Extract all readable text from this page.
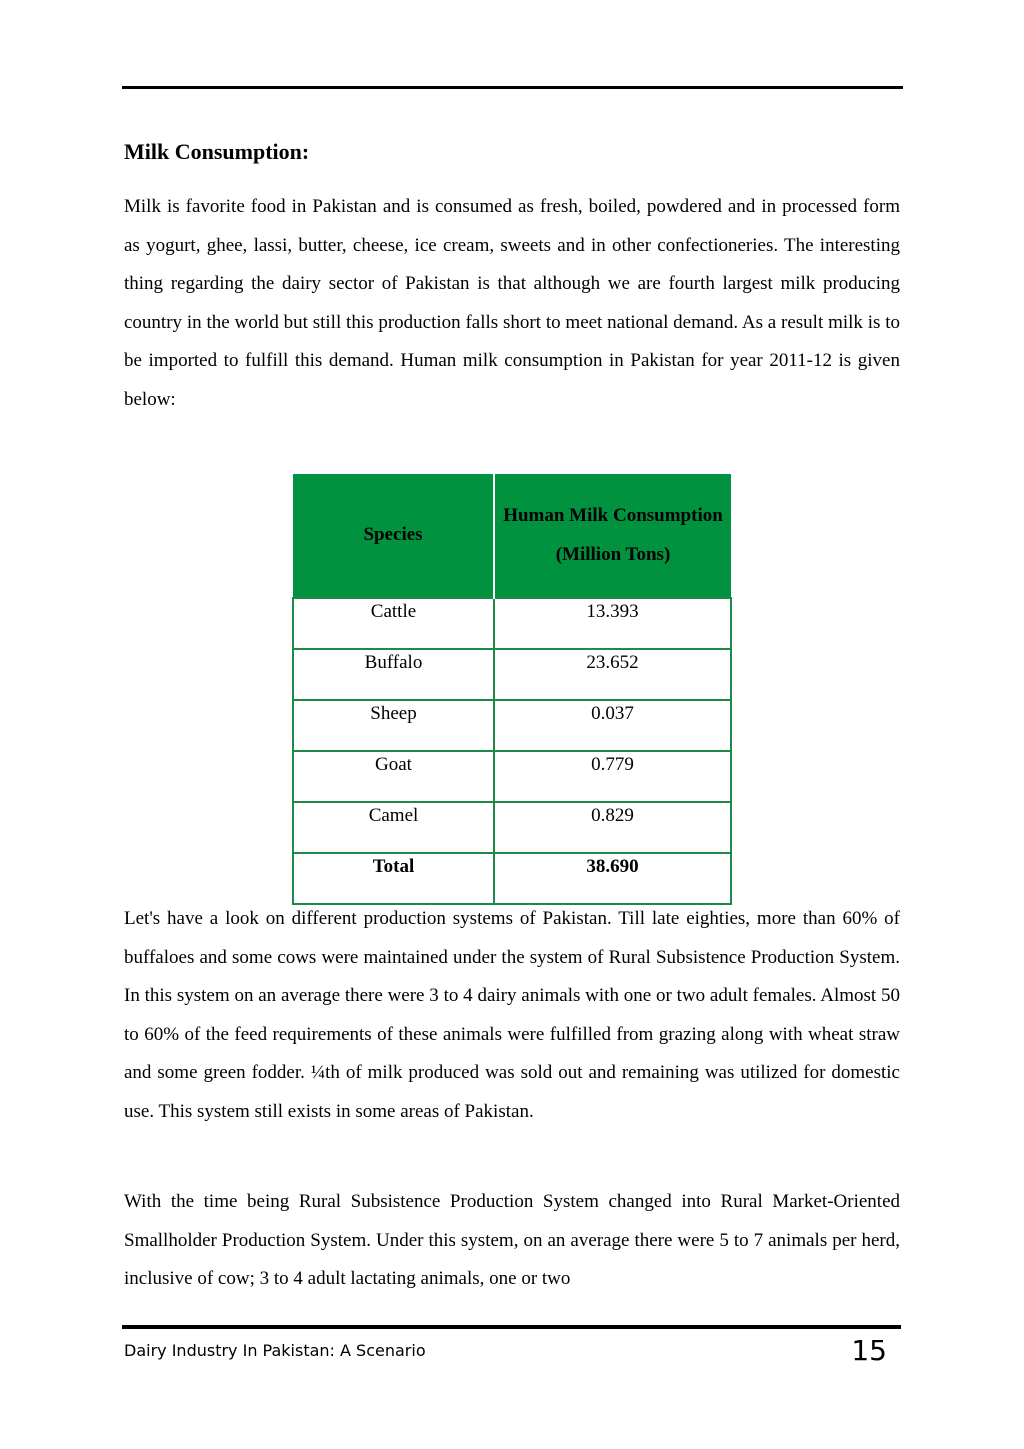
Milk Consumption:

Milk is favorite food in Pakistan and is consumed as fresh, boiled, powdered and in processed form as yogurt, ghee, lassi, butter, cheese, ice cream, sweets and in other confectioneries. The interesting thing regarding the dairy sector of Pakistan is that although we are fourth largest milk producing country in the world but still this production falls short to meet national demand. As a result milk is to be imported to fulfill this demand. Human milk consumption in Pakistan for year 2011-12 is given below:

Species	Human Milk Consumption (Million Tons)
Cattle	13.393
Buffalo	23.652
Sheep	0.037
Goat	0.779
Camel	0.829
Total	38.690

Let's have a look on different production systems of Pakistan. Till late eighties, more than 60% of buffaloes and some cows were maintained under the system of Rural Subsistence Production System. In this system on an average there were 3 to 4 dairy animals with one or two adult females. Almost 50 to 60% of the feed requirements of these animals were fulfilled from grazing along with wheat straw and some green fodder. ¼th of milk produced was sold out and remaining was utilized for domestic use. This system still exists in some areas of Pakistan.

With the time being Rural Subsistence Production System changed into Rural Market-Oriented Smallholder Production System. Under this system, on an average there were 5 to 7 animals per herd, inclusive of cow; 3 to 4 adult lactating animals, one or two

Dairy Industry In Pakistan: A Scenario	15
